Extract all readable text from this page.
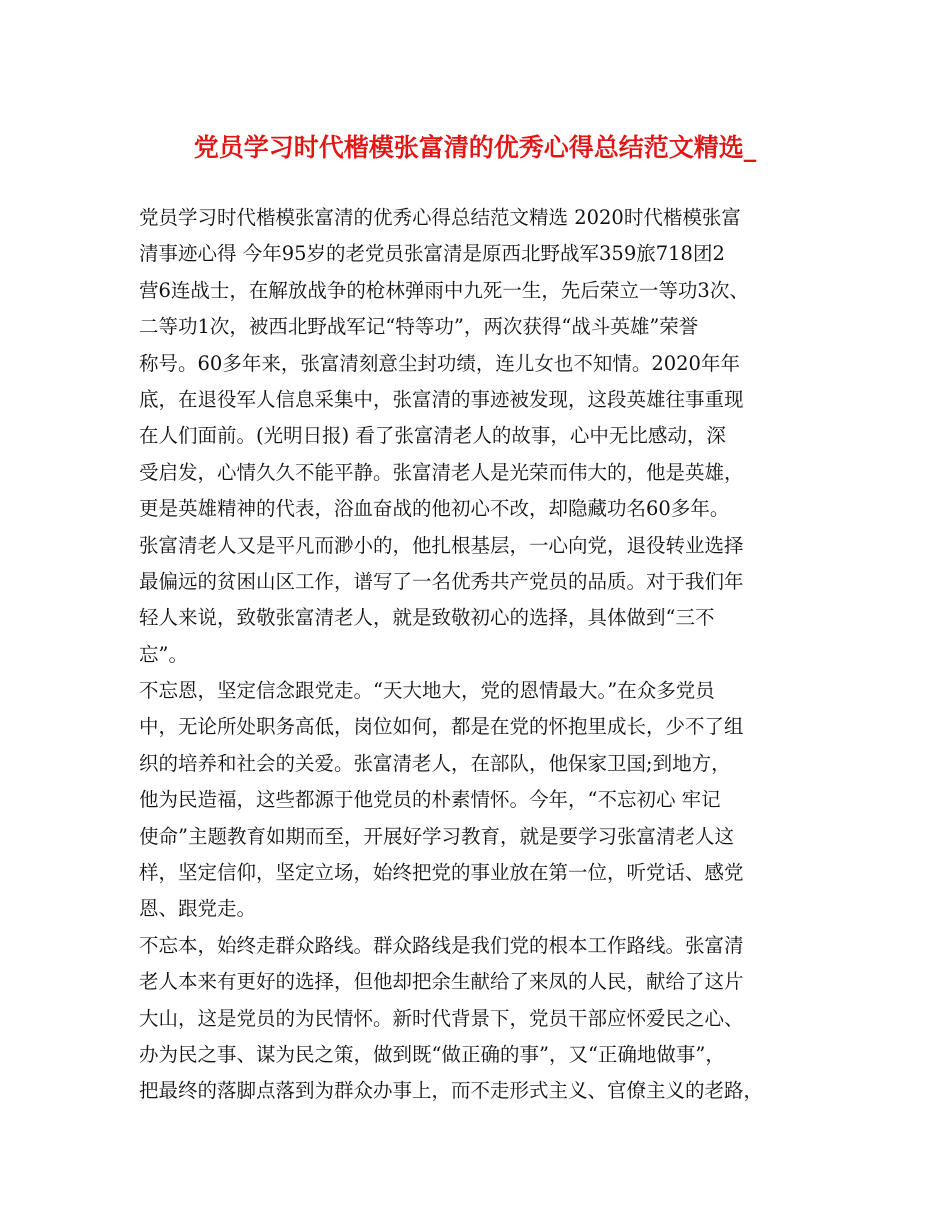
党员学习时代楷模张富清的优秀心得总结范文精选_
党员学习时代楷模张富清的优秀心得总结范文精选 2020时代楷模张富
清事迹心得 今年95岁的老党员张富清是原西北野战军359旅718团2
营6连战士，在解放战争的枪林弹雨中九死一生，先后荣立一等功3次、
二等功1次，被西北野战军记“特等功”，两次获得“战斗英雄”荣誉
称号。60多年来，张富清刻意尘封功绩，连儿女也不知情。2020年年
底，在退役军人信息采集中，张富清的事迹被发现，这段英雄往事重现
在人们面前。(光明日报) 看了张富清老人的故事，心中无比感动，深
受启发，心情久久不能平静。张富清老人是光荣而伟大的，他是英雄，
更是英雄精神的代表，浴血奋战的他初心不改，却隐藏功名60多年。
张富清老人又是平凡而渺小的，他扎根基层，一心向党，退役转业选择
最偏远的贫困山区工作，谱写了一名优秀共产党员的品质。对于我们年
轻人来说，致敬张富清老人，就是致敬初心的选择，具体做到“三不
忘”。
不忘恩，坚定信念跟党走。“天大地大，党的恩情最大。”在众多党员
中，无论所处职务高低，岗位如何，都是在党的怀抱里成长，少不了组
织的培养和社会的关爱。张富清老人，在部队，他保家卫国;到地方，
他为民造福，这些都源于他党员的朴素情怀。今年，“不忘初心 牢记
使命”主题教育如期而至，开展好学习教育，就是要学习张富清老人这
样，坚定信仰，坚定立场，始终把党的事业放在第一位，听党话、感党
恩、跟党走。
不忘本，始终走群众路线。群众路线是我们党的根本工作路线。张富清
老人本来有更好的选择，但他却把余生献给了来凤的人民，献给了这片
大山，这是党员的为民情怀。新时代背景下，党员干部应怀爱民之心、
办为民之事、谋为民之策，做到既“做正确的事”，又“正确地做事”，
把最终的落脚点落到为群众办事上，而不走形式主义、官僚主义的老路，
